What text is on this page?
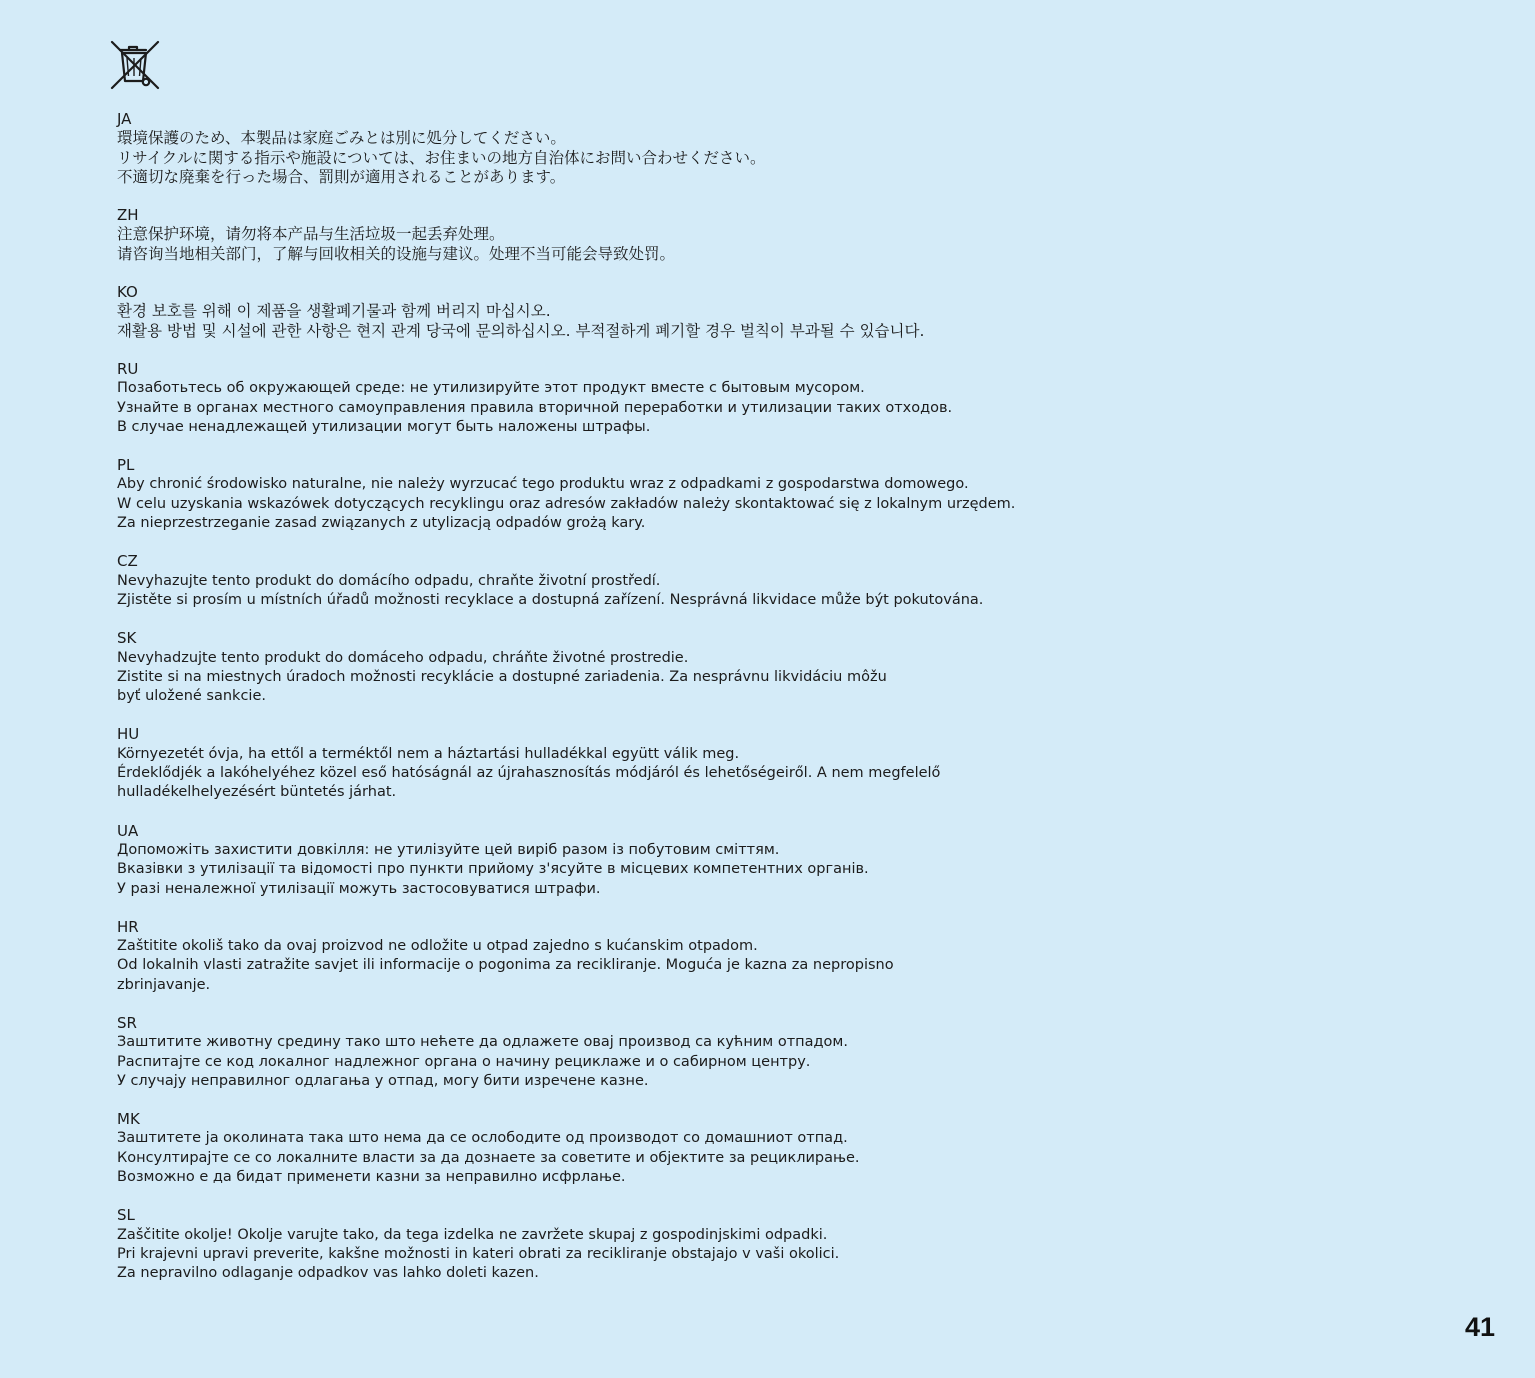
JA
環境保護のため、本製品は家庭ごみとは別に処分してください。
リサイクルに関する指示や施設については、お住まいの地方自治体にお問い合わせください。
不適切な廃棄を行った場合、罰則が適用されることがあります。
ZH
注意保护环境，请勿将本产品与生活垃圾一起丢弃处理。
请咨询当地相关部门，了解与回收相关的设施与建议。处理不当可能会导致处罚。
KO
환경 보호를 위해 이 제품을 생활폐기물과 함께 버리지 마십시오.
재활용 방법 및 시설에 관한 사항은 현지 관계 당국에 문의하십시오. 부적절하게 폐기할 경우 벌칙이 부과될 수 있습니다.
RU
Позаботьтесь об окружающей среде: не утилизируйте этот продукт вместе с бытовым мусором.
Узнайте в органах местного самоуправления правила вторичной переработки и утилизации таких отходов.
В случае ненадлежащей утилизации могут быть наложены штрафы.
PL
Aby chronić środowisko naturalne, nie należy wyrzucać tego produktu wraz z odpadkami z gospodarstwa domowego.
W celu uzyskania wskazówek dotyczących recyklingu oraz adresów zakładów należy skontaktować się z lokalnym urzędem.
Za nieprzestrzeganie zasad związanych z utylizacją odpadów grożą kary.
CZ
Nevyhazujte tento produkt do domácího odpadu, chraňte životní prostředí.
Zjistěte si prosím u místních úřadů možnosti recyklace a dostupná zařízení. Nesprávná likvidace může být pokutována.
SK
Nevyhadzujte tento produkt do domáceho odpadu, chráňte životné prostredie.
Zistite si na miestnych úradoch možnosti recyklácie a dostupné zariadenia. Za nesprávnu likvidáciu môžu
byť uložené sankcie.
HU
Környezetét óvja, ha ettől a terméktől nem a háztartási hulladékkal együtt válik meg.
Érdeklődjék a lakóhelyéhez közel eső hatóságnál az újrahasznosítás módjáról és lehetőségeiről. A nem megfelelő
hulladékelhelyezésért büntetés járhat.
UA
Допоможіть захистити довкілля: не утилізуйте цей виріб разом із побутовим сміттям.
Вказівки з утилізації та відомості про пункти прийому з'ясуйте в місцевих компетентних органів.
У разі неналежної утилізації можуть застосовуватися штрафи.
HR
Zaštitite okoliš tako da ovaj proizvod ne odložite u otpad zajedno s kućanskim otpadom.
Od lokalnih vlasti zatražite savjet ili informacije o pogonima za recikliranje. Moguća je kazna za nepropisno
zbrinjavanje.
SR
Заштитите животну средину тако што нећете да одлажете овај производ са кућним отпадом.
Распитајте се код локалног надлежног органа о начину рециклаже и о сабирном центру.
У случају неправилног одлагања у отпад, могу бити изречене казне.
MK
Заштитете ја околината така што нема да се ослободите од производот со домашниот отпад.
Консултирајте се со локалните власти за да дознаете за советите и објектите за рециклирање.
Возможно е да бидат применети казни за неправилно исфрлање.
SL
Zaščitite okolje! Okolje varujte tako, da tega izdelka ne zavržete skupaj z gospodinjskimi odpadki.
Pri krajevni upravi preverite, kakšne možnosti in kateri obrati za recikliranje obstajajo v vaši okolici.
Za nepravilno odlaganje odpadkov vas lahko doleti kazen.
41
